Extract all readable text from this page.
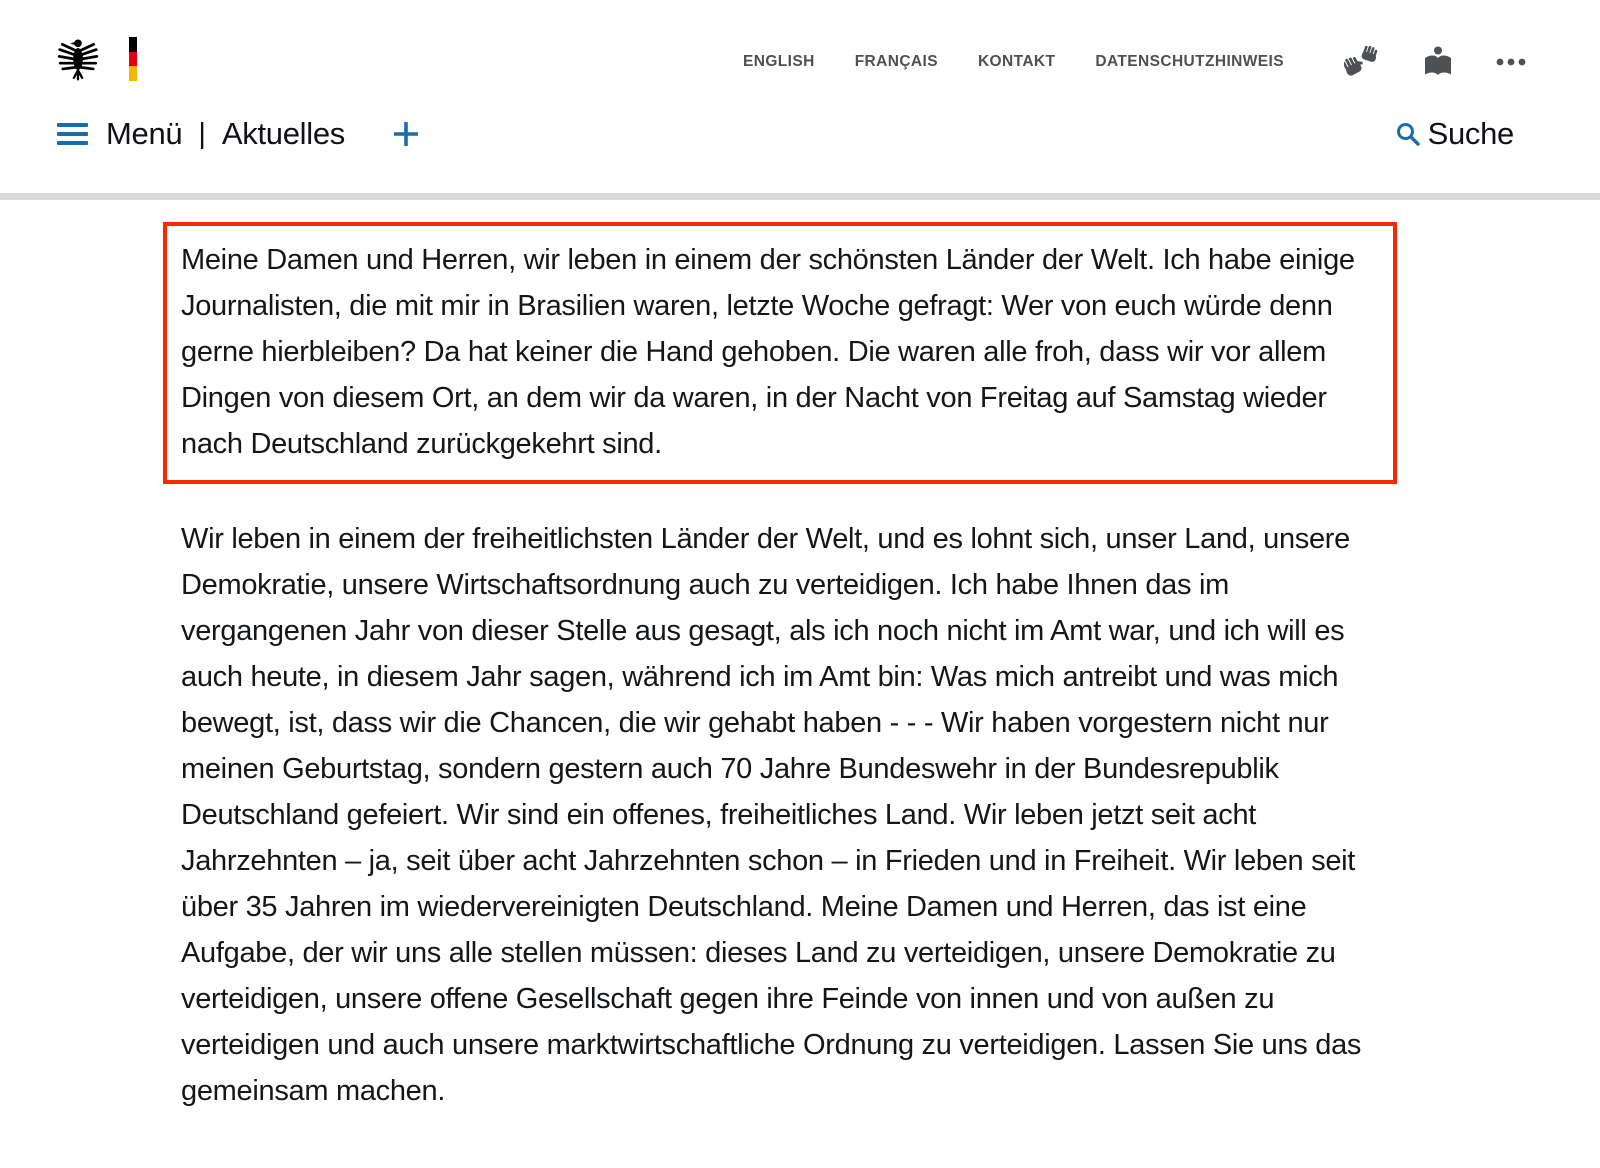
ENGLISH	FRANÇAIS	KONTAKT	DATENSCHUTZHINWEIS
Menü | Aktuelles	Suche

Meine Damen und Herren, wir leben in einem der schönsten Länder der Welt. Ich habe einige Journalisten, die mit mir in Brasilien waren, letzte Woche gefragt: Wer von euch würde denn gerne hierbleiben? Da hat keiner die Hand gehoben. Die waren alle froh, dass wir vor allem Dingen von diesem Ort, an dem wir da waren, in der Nacht von Freitag auf Samstag wieder nach Deutschland zurückgekehrt sind.

Wir leben in einem der freiheitlichsten Länder der Welt, und es lohnt sich, unser Land, unsere Demokratie, unsere Wirtschaftsordnung auch zu verteidigen. Ich habe Ihnen das im vergangenen Jahr von dieser Stelle aus gesagt, als ich noch nicht im Amt war, und ich will es auch heute, in diesem Jahr sagen, während ich im Amt bin: Was mich antreibt und was mich bewegt, ist, dass wir die Chancen, die wir gehabt haben - - - Wir haben vorgestern nicht nur meinen Geburtstag, sondern gestern auch 70 Jahre Bundeswehr in der Bundesrepublik Deutschland gefeiert. Wir sind ein offenes, freiheitliches Land. Wir leben jetzt seit acht Jahrzehnten – ja, seit über acht Jahrzehnten schon – in Frieden und in Freiheit. Wir leben seit über 35 Jahren im wiedervereinigten Deutschland. Meine Damen und Herren, das ist eine Aufgabe, der wir uns alle stellen müssen: dieses Land zu verteidigen, unsere Demokratie zu verteidigen, unsere offene Gesellschaft gegen ihre Feinde von innen und von außen zu verteidigen und auch unsere marktwirtschaftliche Ordnung zu verteidigen. Lassen Sie uns das gemeinsam machen.
